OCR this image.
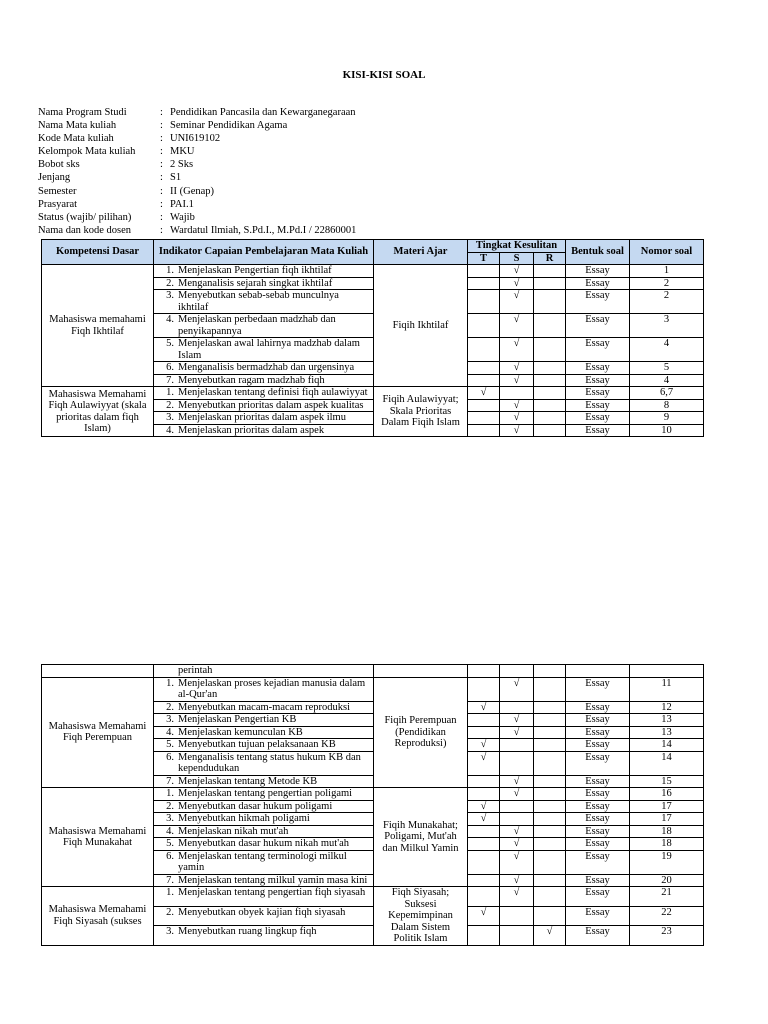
KISI-KISI SOAL
Nama Program Studi	: Pendidikan Pancasila dan Kewarganegaraan
Nama Mata kuliah	: Seminar Pendidikan Agama
Kode Mata kuliah	: UNI619102
Kelompok Mata kuliah	: MKU
Bobot sks	: 2 Sks
Jenjang	: S1
Semester	: II (Genap)
Prasyarat	: PAI.1
Status (wajib/ pilihan)	: Wajib
Nama dan kode dosen	: Wardatul Ilmiah, S.Pd.I., M.Pd.I / 22860001
Kompetensi Dasar	Indikator Capaian Pembelajaran Mata Kuliah	Materi Ajar	Tingkat Kesulitan			Bentuk soal	Nomor soal
			T	S	R		
Mahasiswa memahami Fiqh Ikhtilaf	1. Menjelaskan Pengertian fiqh ikhtilaf	Fiqih Ikhtilaf		√		Essay	1

	2. Menganalisis sejarah singkat ikhtilaf			√		Essay	2

	3. Menyebutkan sebab-sebab munculnya ikhtilaf			√		Essay	2

	4. Menjelaskan perbedaan madzhab dan penyikapannya			√		Essay	3

	5. Menjelaskan awal lahirnya madzhab dalam Islam			√		Essay	4

	6. Menganalisis bermadzhab dan urgensinya			√		Essay	5

	7. Menyebutkan ragam madzhab fiqh			√		Essay	4
Mahasiswa Memahami Fiqh Aulawiyyat (skala prioritas dalam fiqh Islam)	1. Menjelaskan tentang definisi fiqh aulawiyyat	Fiqih Aulawiyyat; Skala Prioritas Dalam Fiqih Islam	√			Essay	6,7

	2. Menyebutkan prioritas dalam aspek kualitas			√		Essay	8

	3. Menjelaskan prioritas dalam aspek ilmu			√		Essay	9

	4. Menjelaskan prioritas dalam aspek			√		Essay	10

	perintah						

Mahasiswa Memahami Fiqh Perempuan	1. Menjelaskan proses kejadian manusia dalam al-Qur'an	Fiqih Perempuan (Pendidikan Reproduksi)		√		Essay	11

	2. Menyebutkan macam-macam reproduksi		√			Essay	12

	3. Menjelaskan Pengertian KB			√		Essay	13

	4. Menjelaskan kemunculan KB			√		Essay	13

	5. Menyebutkan tujuan pelaksanaan KB		√			Essay	14

	6. Menganalisis tentang status hukum KB dan kependudukan		√			Essay	14

	7. Menjelaskan tentang Metode KB			√		Essay	15
Mahasiswa Memahami Fiqh Munakahat	1. Menjelaskan tentang pengertian poligami	Fiqih Munakahat; Poligami, Mut'ah dan Milkul Yamin		√		Essay	16

	2. Menyebutkan dasar hukum poligami		√			Essay	17

	3. Menyebutkan hikmah poligami		√			Essay	17

	4. Menjelaskan nikah mut'ah			√		Essay	18

	5. Menyebutkan dasar hukum nikah mut'ah			√		Essay	18

	6. Menjelaskan tentang terminologi milkul yamin			√		Essay	19

	7. Menjelaskan tentang milkul yamin masa kini			√		Essay	20
Mahasiswa Memahami Fiqh Siyasah (sukses	1. Menjelaskan tentang pengertian fiqh siyasah	Fiqh Siyasah; Suksesi Kepemimpinan Dalam Sistem Politik Islam		√		Essay	21

	2. Menyebutkan obyek kajian fiqh siyasah		√			Essay	22

	3. Menyebutkan ruang lingkup fiqh				√	Essay	23
